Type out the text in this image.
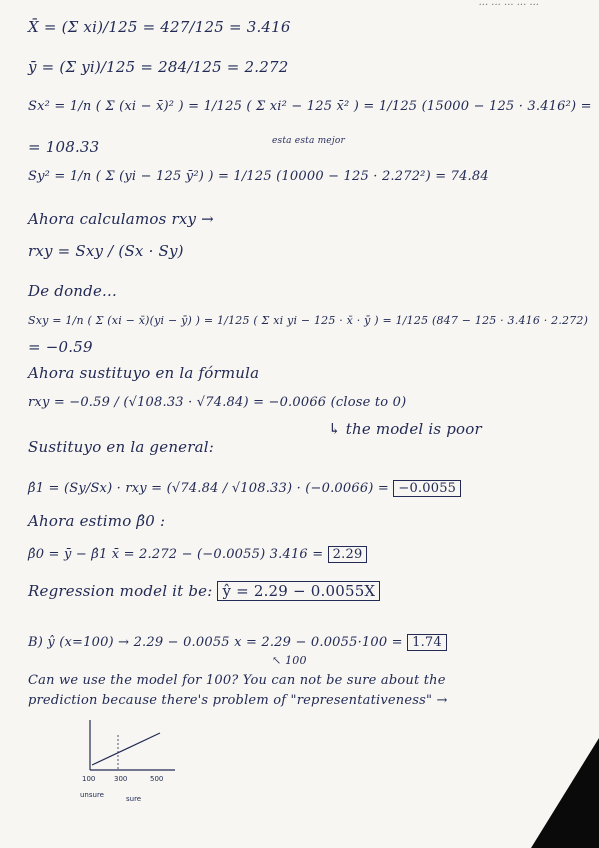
··· ··· ··· ··· ···
X̄ = (Σ xi)/125 = 427/125 = 3.416
ȳ = (Σ yi)/125 = 284/125 = 2.272
Sx² = 1/n ( Σ (xi − x̄)² ) = 1/125 ( Σ xi² − 125 x̄² ) = 1/125 (15000 − 125 · 3.416²) =
esta esta mejor
= 108.33
Sy² = 1/n ( Σ (yi − 125 ȳ²) ) = 1/125 (10000 − 125 · 2.272²) = 74.84
Ahora calculamos rxy →
rxy = Sxy / (Sx · Sy)
De donde...
Sxy = 1/n ( Σ (xi − x̄)(yi − ȳ) ) = 1/125 ( Σ xi yi − 125 · x̄ · ȳ ) = 1/125 (847 − 125 · 3.416 · 2.272)
= −0.59
Ahora sustituyo en la fórmula
rxy = −0.59 / (√108.33 · √74.84) = −0.0066 (close to 0)
↳ the model is poor
Sustituyo en la general:
β̂1 = (Sy/Sx) · rxy = (√74.84 / √108.33) · (−0.0066) = −0.0055
Ahora estimo β̂0 :
β̂0 = ȳ − β̂1 x̄ = 2.272 − (−0.0055) 3.416 = 2.29
Regression model it be: ŷ = 2.29 − 0.0055X
B) ŷ (x=100) → 2.29 − 0.0055 x = 2.29 − 0.0055·100 = 1.74
↖ 100
Can we use the model for 100? You can not be sure about the
prediction because there's problem of "representativeness" →
100	300	500
unsure	sure
